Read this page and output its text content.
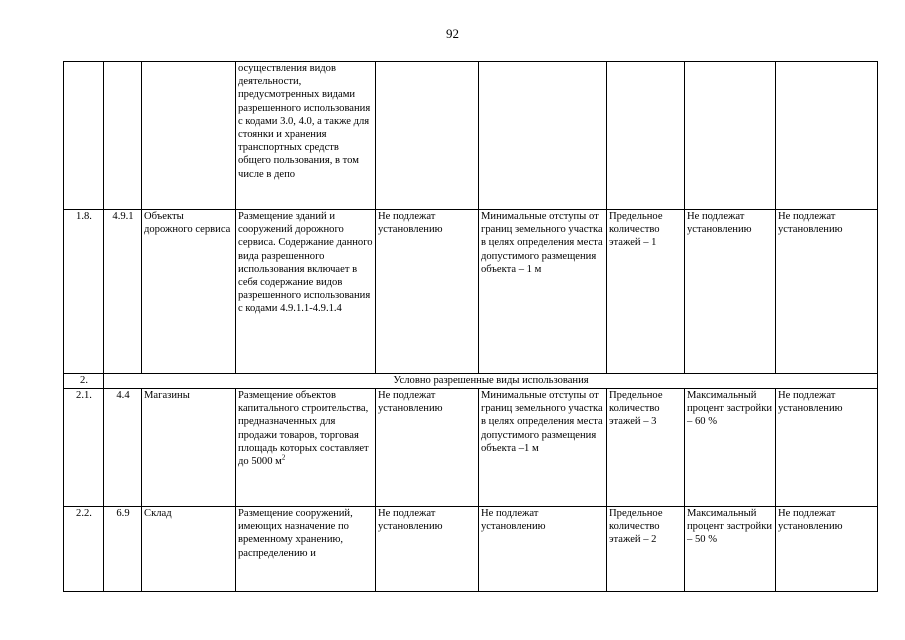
92
			осуществления видов деятельности, предусмотренных видами разрешенного использования с кодами 3.0, 4.0, а также для стоянки и хранения транспортных средств общего пользования, в том числе в депо					
1.8.	4.9.1	Объекты дорожного сервиса	Размещение зданий и сооружений дорожного сервиса. Содержание данного вида разрешенного использования включает в себя содержание видов разрешенного использования с кодами 4.9.1.1-4.9.1.4	Не подлежат установлению	Минимальные отступы от границ земельного участка в целях определения места допустимого размещения объекта – 1 м	Предельное количество этажей – 1	Не подлежат установлению	Не подлежат установлению
2.	Условно разрешенные виды использования							
2.1.	4.4	Магазины	Размещение объектов капитального строительства, предназначенных для продажи товаров, торговая площадь которых составляет до 5000 $м^2$	Не подлежат установлению	Минимальные отступы от границ земельного участка в целях определения места допустимого размещения объекта –1 м	Предельное количество этажей – 3	Максимальный процент застройки – 60 %	Не подлежат установлению
2.2.	6.9	Склад	Размещение сооружений, имеющих назначение по временному хранению, распределению и	Не подлежат установлению	Не подлежат установлению	Предельное количество этажей – 2	Максимальный процент застройки – 50 %	Не подлежат установлению
